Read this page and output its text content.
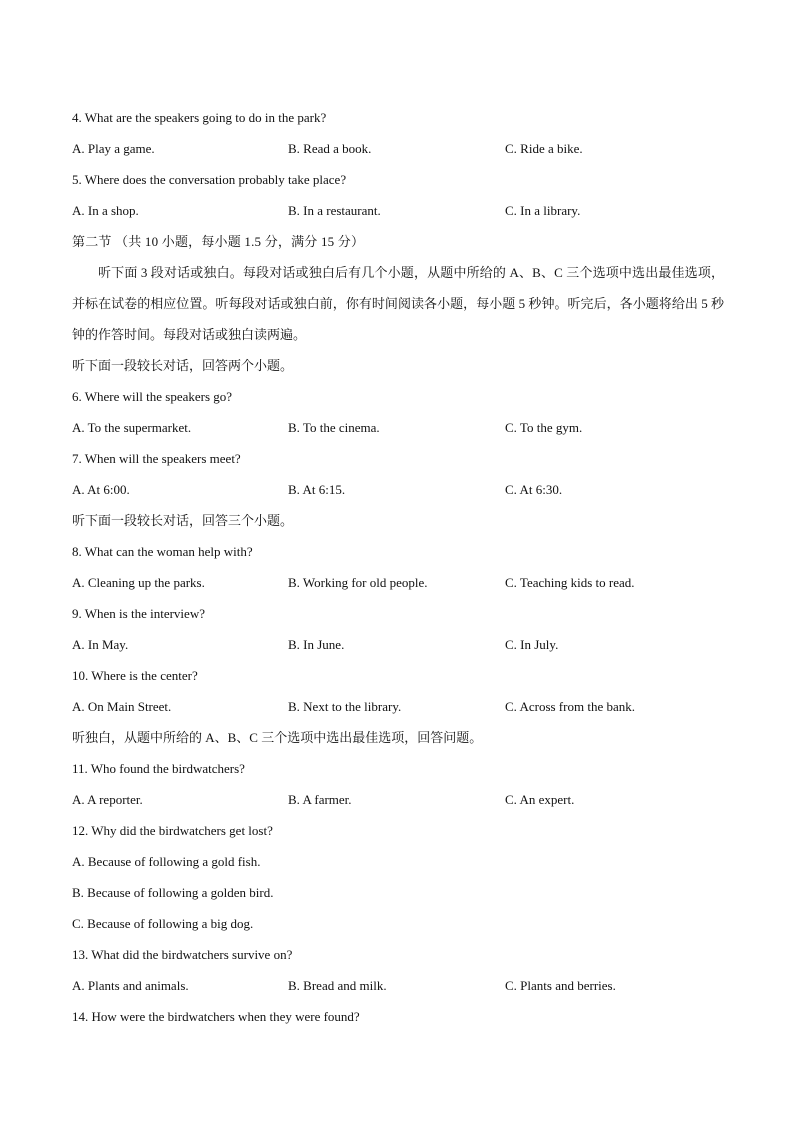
4. What are the speakers going to do in the park?
A. Play a game.	B. Read a book.	C. Ride a bike.
5. Where does the conversation probably take place?
A. In a shop.	B. In a restaurant.	C. In a library.
第二节 （共 10 小题，每小题 1.5 分，满分 15 分）
听下面 3 段对话或独白。每段对话或独白后有几个小题，从题中所给的 A、B、C 三个选项中选出最佳选项，并标在试卷的相应位置。听每段对话或独白前，你有时间阅读各小题，每小题 5 秒钟。听完后，各小题将给出 5 秒钟的作答时间。每段对话或独白读两遍。
听下面一段较长对话，回答两个小题。
6. Where will the speakers go?
A. To the supermarket.	B. To the cinema.	C. To the gym.
7. When will the speakers meet?
A. At 6:00.	B. At 6:15.	C. At 6:30.
听下面一段较长对话，回答三个小题。
8. What can the woman help with?
A. Cleaning up the parks.	B. Working for old people.	C. Teaching kids to read.
9. When is the interview?
A. In May.	B. In June.	C. In July.
10. Where is the center?
A. On Main Street.	B. Next to the library.	C. Across from the bank.
听独白，从题中所给的 A、B、C 三个选项中选出最佳选项，回答问题。
11. Who found the birdwatchers?
A. A reporter.	B. A farmer.	C. An expert.
12. Why did the birdwatchers get lost?
A. Because of following a gold fish.
B. Because of following a golden bird.
C. Because of following a big dog.
13. What did the birdwatchers survive on?
A. Plants and animals.	B. Bread and milk.	C. Plants and berries.
14. How were the birdwatchers when they were found?
